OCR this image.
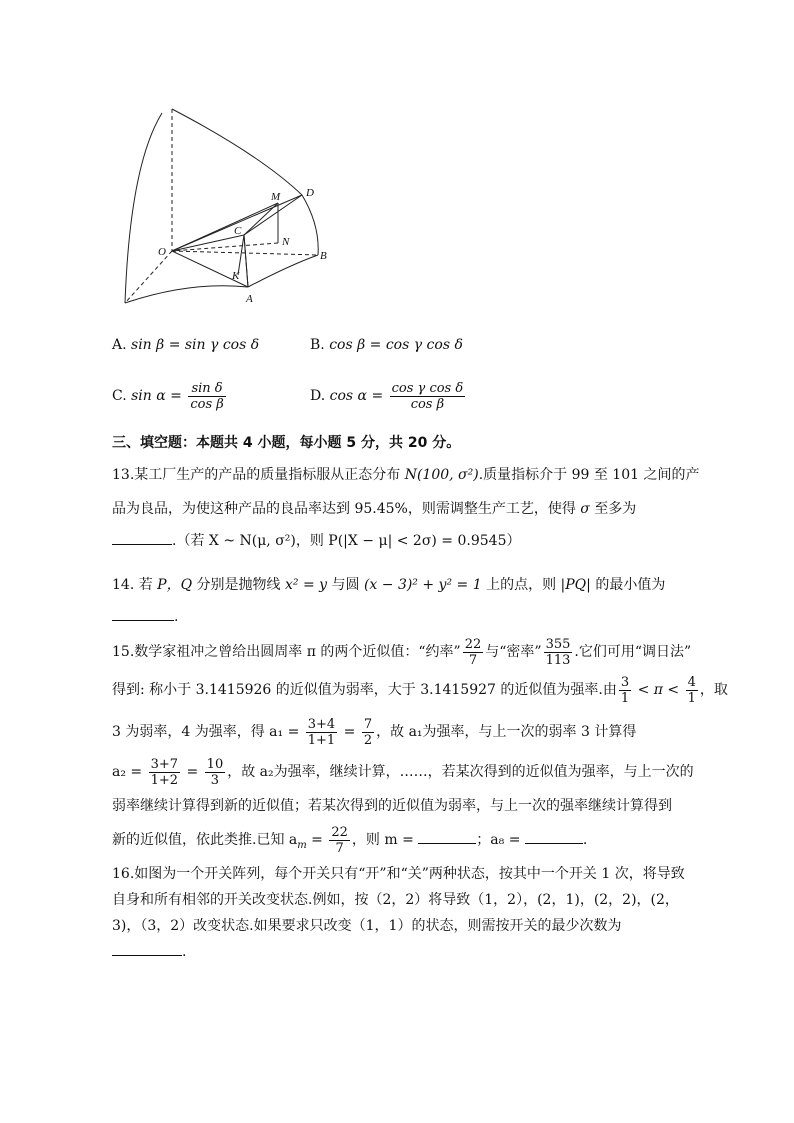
O
C
M D
N
B
K
A
A. sin β = sin γ cos δ	B. cos β = cos γ cos δ
C. $\sin \alpha = \frac{\text{sin δ}}{\text{cos β}}$	D. $\cos \alpha = \frac{\text{cos γ cos δ}}{\text{cos β}}$
三、填空题：本题共 4 小题，每小题 5 分，共 20 分。
13.某工厂生产的产品的质量指标服从正态分布 N(100, σ²).质量指标介于 99 至 101 之间的产
品为良品，为使这种产品的良品率达到 95.45%，则需调整生产工艺，使得 σ 至多为
.（若 X ~ N(μ, σ²)，则 P(|X − μ| < 2σ) = 0.9545）
14. 若 P，Q 分别是抛物线 x² = y 与圆 (x − 3)² + y² = 1 上的点，则 |PQ| 的最小值为
.
15.数学家祖冲之曾给出圆周率 π 的两个近似值：“约率” $\frac{22}{7}$ 与“密率” $\frac{355}{113}$ .它们可用“调日法”
得到: 称小于 3.1415926 的近似值为弱率，大于 3.1415927 的近似值为强率.由 $\frac{3}{1} < \pi < \frac{4}{1}$ ，取
3 为弱率，4 为强率，得 $a_1 = \frac{3+4}{1+1} = \frac{7}{2}$ ，故 a₁为强率，与上一次的弱率 3 计算得
$a_2 = \frac{3+7}{1+2} = \frac{10}{3}$ ，故 a₂为强率，继续计算，……，若某次得到的近似值为强率，与上一次的
弱率继续计算得到新的近似值；若某次得到的近似值为弱率，与上一次的强率继续计算得到
新的近似值，依此类推.已知 $a_m = \frac{22}{7}$ ，则 m =	；a₈ =	.
16.如图为一个开关阵列，每个开关只有“开”和“关”两种状态，按其中一个开关 1 次，将导致
自身和所有相邻的开关改变状态.例如，按（2，2）将导致（1，2），(2，1)，(2，2)，(2，
3)，（3，2）改变状态.如果要求只改变（1，1）的状态，则需按开关的最少次数为
.
